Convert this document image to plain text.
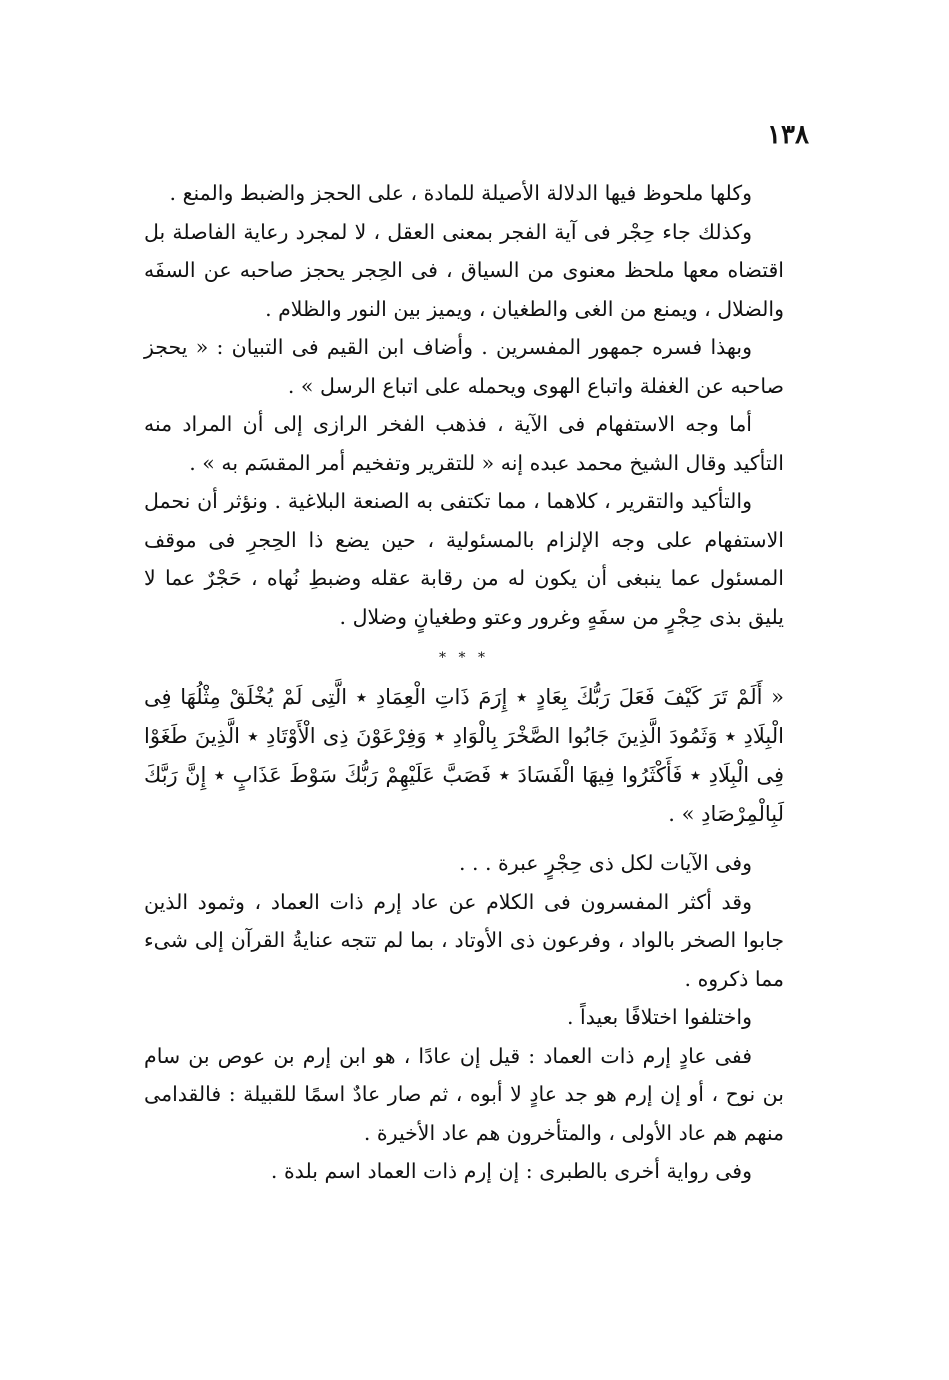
١٣٨

وكلها ملحوظ فيها الدلالة الأصيلة للمادة ، على الحجز والضبط والمنع .

وكذلك جاء حِجْر فى آية الفجر بمعنى العقل ، لا لمجرد رعاية الفاصلة بل اقتضاه معها ملحظ معنوى من السياق ، فى الحِجر يحجز صاحبه عن السفَه والضلال ، ويمنع من الغى والطغيان ، ويميز بين النور والظلام .

وبهذا فسره جمهور المفسرين . وأضاف ابن القيم فى التبيان : « يحجز صاحبه عن الغفلة واتباع الهوى ويحمله على اتباع الرسل » .

أما وجه الاستفهام فى الآية ، فذهب الفخر الرازى إلى أن المراد منه التأكيد وقال الشيخ محمد عبده إنه « للتقرير وتفخيم أمر المقسَم به » .

والتأكيد والتقرير ، كلاهما ، مما تكتفى به الصنعة البلاغية . ونؤثر أن نحمل الاستفهام على وجه الإلزام بالمسئولية ، حين يضع ذا الحِجرِ فى موقف المسئول عما ينبغى أن يكون له من رقابة عقله وضبطِ نُهاه ، حَجْرٌ عما لا يليق بذى حِجْرٍ من سفَهٍ وغرور وعتو وطغيانٍ وضلال .

* * *

« أَلَمْ تَرَ كَيْفَ فَعَلَ رَبُّكَ بِعَادٍ ٭ إِرَمَ ذَاتِ الْعِمَادِ ٭ الَّتِى لَمْ يُخْلَقْ مِثْلُهَا فِى الْبِلَادِ ٭ وَثَمُودَ الَّذِينَ جَابُوا الصَّخْرَ بِالْوَادِ ٭ وَفِرْعَوْنَ ذِى الْأَوْتَادِ ٭ الَّذِينَ طَغَوْا فِى الْبِلَادِ ٭ فَأَكْثَرُوا فِيهَا الْفَسَادَ ٭ فَصَبَّ عَلَيْهِمْ رَبُّكَ سَوْطَ عَذَابٍ ٭ إِنَّ رَبَّكَ لَبِالْمِرْصَادِ » .

وفى الآيات لكل ذى حِجْرٍ عبرة . . .

وقد أكثر المفسرون فى الكلام عن عاد إرم ذات العماد ، وثمود الذين جابوا الصخر بالواد ، وفرعون ذى الأوتاد ، بما لم تتجه عنايةُ القرآن إلى شىء مما ذكروه .

واختلفوا اختلافًا بعيداً .

ففى عادٍ إرم ذات العماد : قيل إن عادًا ، هو ابن إرم بن عوص بن سام بن نوح ، أو إن إرم هو جد عادٍ لا أبوه ، ثم صار عادٌ اسمًا للقبيلة : فالقدامى منهم هم عاد الأولى ، والمتأخرون هم عاد الأخيرة .

وفى رواية أخرى بالطبرى : إن إرم ذات العماد اسم بلدة .
